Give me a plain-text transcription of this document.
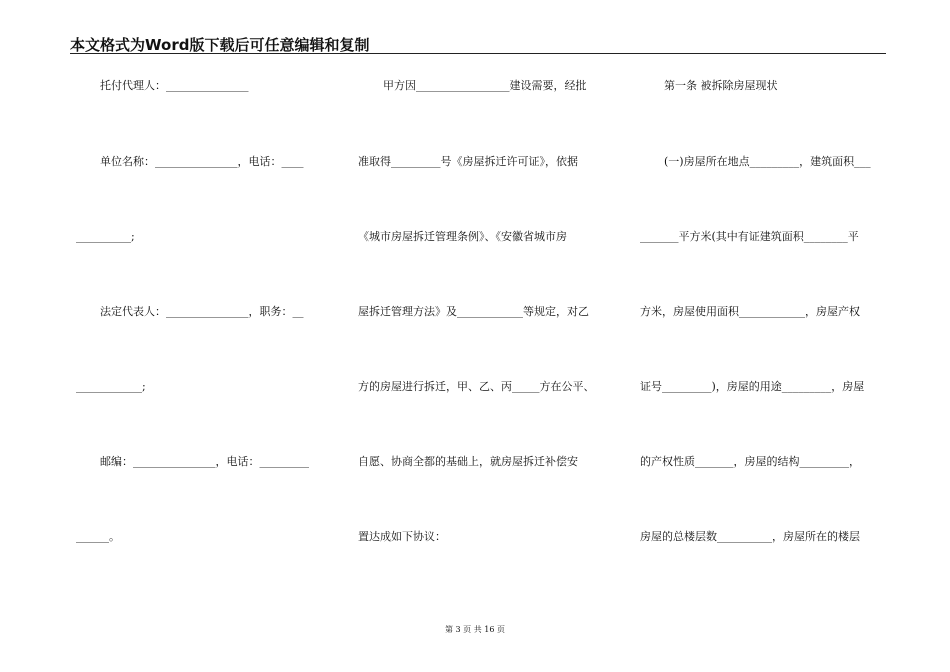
本文格式为Word版下载后可任意编辑和复制
托付代理人：_______________
单位名称：_______________，电话：____
__________;
法定代表人：_______________，职务：__
____________;
邮编：_______________，电话：_________
______。
甲方因_________________建设需要，经批
准取得_________号《房屋拆迁许可证》，依据
《城市房屋拆迁管理条例》、《安徽省城市房
屋拆迁管理方法》及____________等规定，对乙
方的房屋进行拆迁，甲、乙、丙_____方在公平、
自愿、协商全都的基础上，就房屋拆迁补偿安
置达成如下协议：
第一条 被拆除房屋现状
(一)房屋所在地点_________，建筑面积___
_______平方米(其中有证建筑面积________平
方米，房屋使用面积____________，房屋产权
证号_________)，房屋的用途_________，房屋
的产权性质_______，房屋的结构_________，
房屋的总楼层数__________，房屋所在的楼层
第 3 页 共 16 页
